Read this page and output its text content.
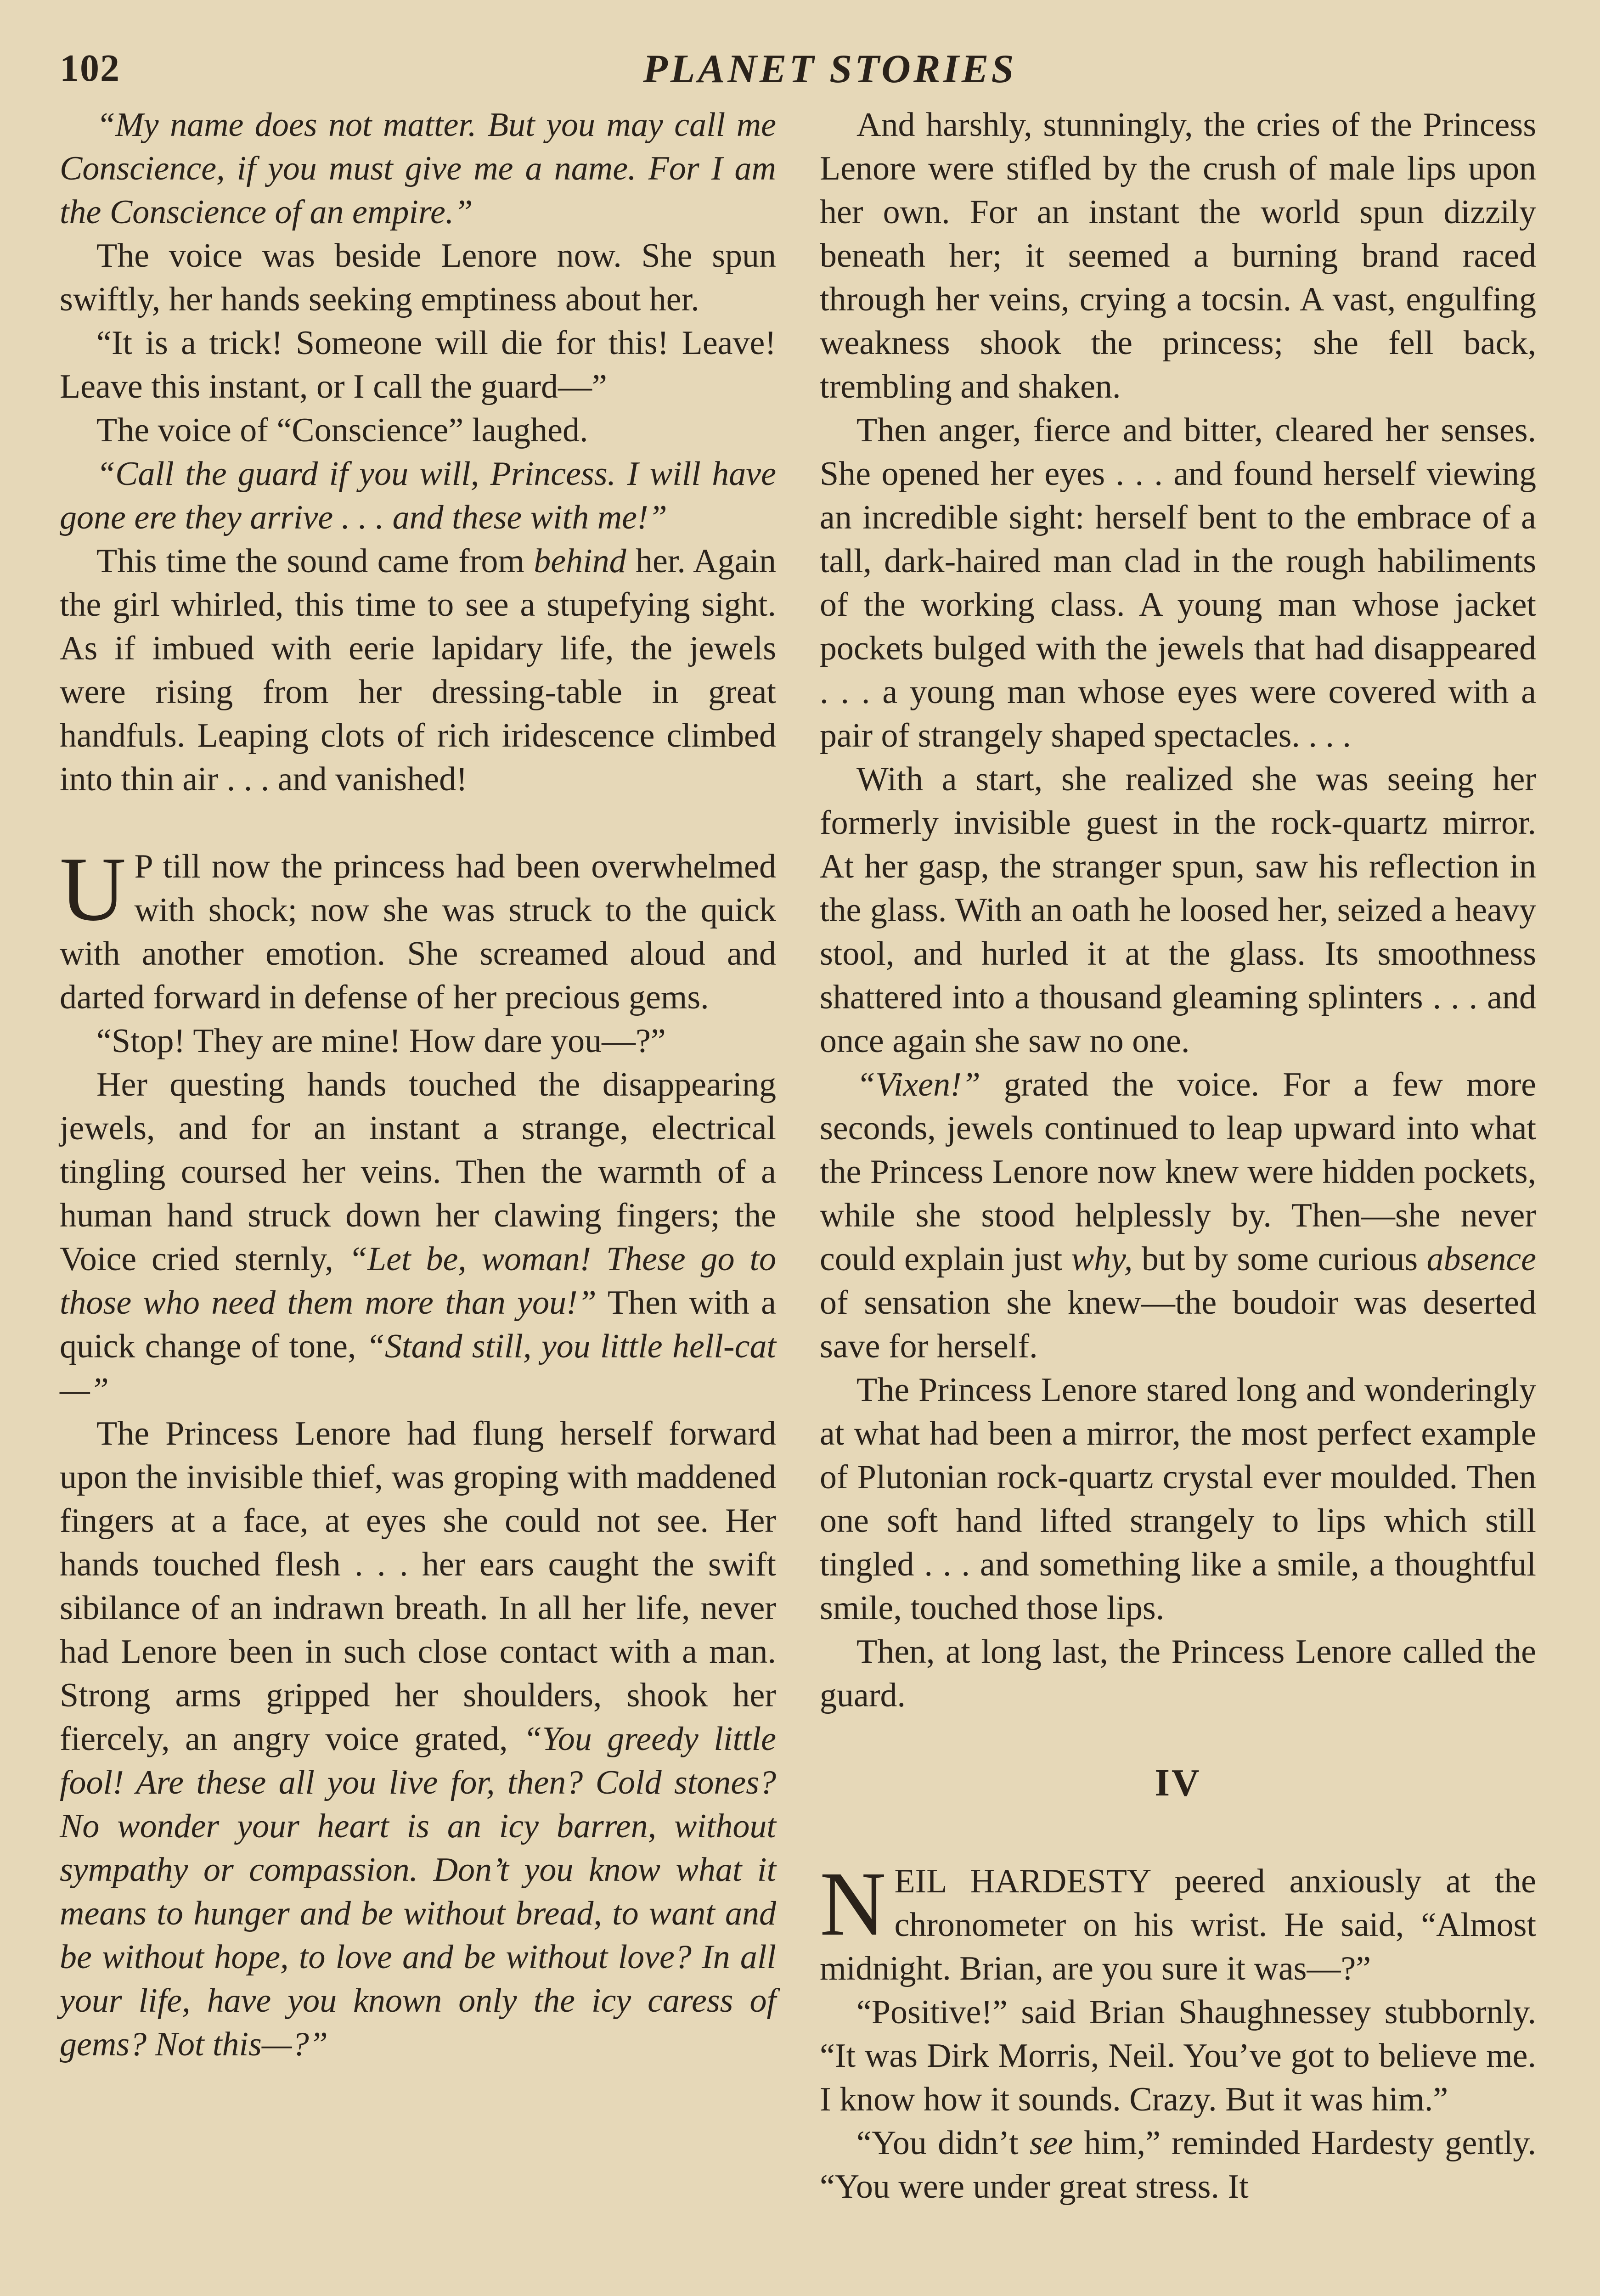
102	PLANET STORIES

“My name does not matter. But you may call me Conscience, if you must give me a name. For I am the Conscience of an empire.”

The voice was beside Lenore now. She spun swiftly, her hands seeking emptiness about her.

“It is a trick! Someone will die for this! Leave! Leave this instant, or I call the guard—”

The voice of “Conscience” laughed.

“Call the guard if you will, Princess. I will have gone ere they arrive . . . and these with me!”

This time the sound came from behind her. Again the girl whirled, this time to see a stupefying sight. As if imbued with eerie lapidary life, the jewels were rising from her dressing-table in great handfuls. Leaping clots of rich iridescence climbed into thin air . . . and vanished!

U P till now the princess had been overwhelmed with shock; now she was struck to the quick with another emotion. She screamed aloud and darted forward in defense of her precious gems.

“Stop! They are mine! How dare you—?”

Her questing hands touched the disappearing jewels, and for an instant a strange, electrical tingling coursed her veins. Then the warmth of a human hand struck down her clawing fingers; the Voice cried sternly, “Let be, woman! These go to those who need them more than you!” Then with a quick change of tone, “Stand still, you little hell-cat—”

The Princess Lenore had flung herself forward upon the invisible thief, was groping with maddened fingers at a face, at eyes she could not see. Her hands touched flesh . . . her ears caught the swift sibilance of an indrawn breath. In all her life, never had Lenore been in such close contact with a man. Strong arms gripped her shoulders, shook her fiercely, an angry voice grated, “You greedy little fool! Are these all you live for, then? Cold stones? No wonder your heart is an icy barren, without sympathy or compassion. Don’t you know what it means to hunger and be without bread, to want and be without hope, to love and be without love? In all your life, have you known only the icy caress of gems? Not this—?”

And harshly, stunningly, the cries of the Princess Lenore were stifled by the crush of male lips upon her own. For an instant the world spun dizzily beneath her; it seemed a burning brand raced through her veins, crying a tocsin. A vast, engulfing weakness shook the princess; she fell back, trembling and shaken.

Then anger, fierce and bitter, cleared her senses. She opened her eyes . . . and found herself viewing an incredible sight: herself bent to the embrace of a tall, dark-haired man clad in the rough habiliments of the working class. A young man whose jacket pockets bulged with the jewels that had disappeared . . . a young man whose eyes were covered with a pair of strangely shaped spectacles. . . .

With a start, she realized she was seeing her formerly invisible guest in the rock-quartz mirror. At her gasp, the stranger spun, saw his reflection in the glass. With an oath he loosed her, seized a heavy stool, and hurled it at the glass. Its smoothness shattered into a thousand gleaming splinters . . . and once again she saw no one.

“Vixen!” grated the voice. For a few more seconds, jewels continued to leap upward into what the Princess Lenore now knew were hidden pockets, while she stood helplessly by. Then—she never could explain just why, but by some curious absence of sensation she knew—the boudoir was deserted save for herself.

The Princess Lenore stared long and wonderingly at what had been a mirror, the most perfect example of Plutonian rock-quartz crystal ever moulded. Then one soft hand lifted strangely to lips which still tingled . . . and something like a smile, a thoughtful smile, touched those lips.

Then, at long last, the Princess Lenore called the guard.

IV

NEIL HARDESTY peered anxiously at the chronometer on his wrist. He said, “Almost midnight. Brian, are you sure it was—?”

“Positive!” said Brian Shaughnessey stubbornly. “It was Dirk Morris, Neil. You’ve got to believe me. I know how it sounds. Crazy. But it was him.”

“You didn’t see him,” reminded Hardesty gently. “You were under great stress. It
